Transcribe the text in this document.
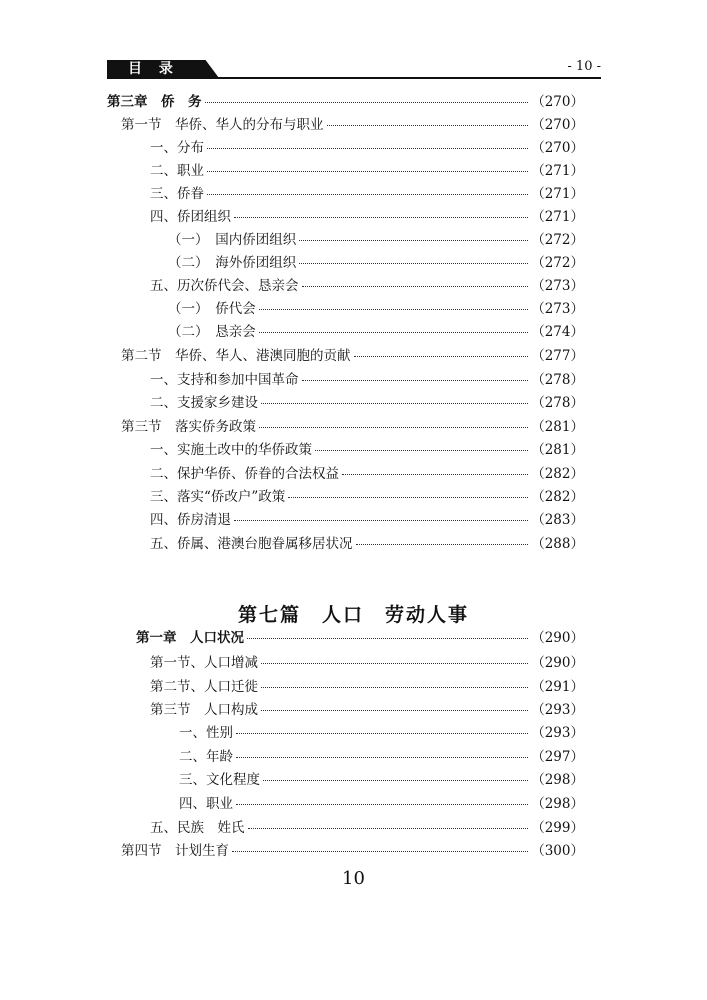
目 录	- 10 -
第三章　侨　务	（270）
第一节　华侨、华人的分布与职业	（270）
一、分布	（270）
二、职业	（271）
三、侨眷	（271）
四、侨团组织	（271）
（一）　国内侨团组织	（272）
（二）　海外侨团组织	（272）
五、历次侨代会、恳亲会	（273）
（一）　侨代会	（273）
（二）　恳亲会	（274）
第二节　华侨、华人、港澳同胞的贡献	（277）
一、支持和参加中国革命	（278）
二、支援家乡建设	（278）
第三节　落实侨务政策	（281）
一、实施土改中的华侨政策	（281）
二、保护华侨、侨眷的合法权益	（282）
三、落实“侨改户”政策	（282）
四、侨房清退	（283）
五、侨属、港澳台胞眷属移居状况	（288）
第七篇　人口　劳动人事
第一章　人口状况	（290）
第一节、人口增减	（290）
第二节、人口迁徙	（291）
第三节　人口构成	（293）
一、性别	（293）
二、年龄	（297）
三、文化程度	（298）
四、职业	（298）
五、民族　姓氏	（299）
第四节　计划生育	（300）
10
